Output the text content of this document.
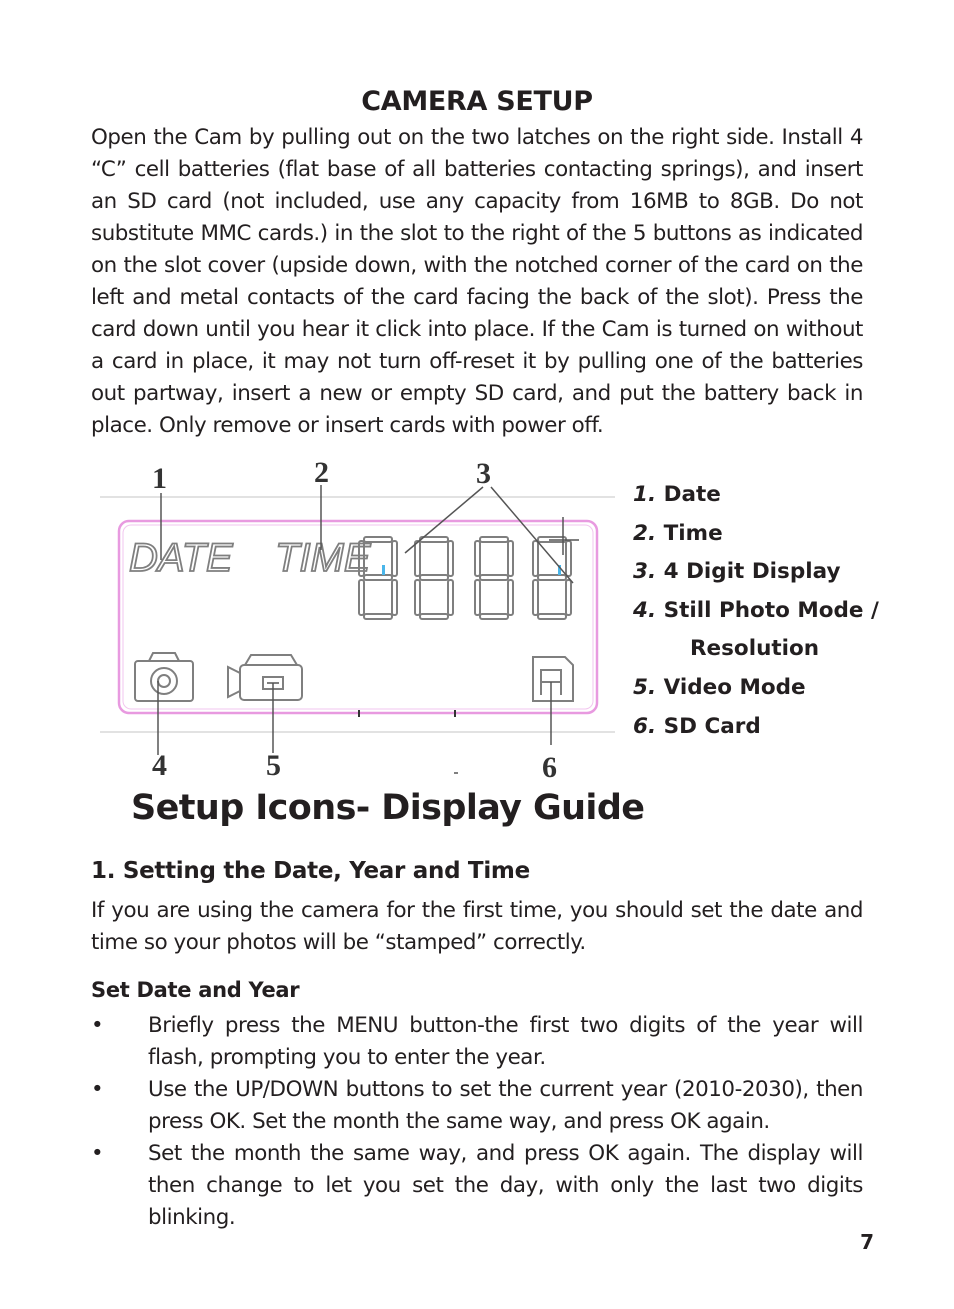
CAMERA SETUP
Open the Cam by pulling out on the two latches on the right side. Install 4 “C” cell batteries (flat base of all batteries contacting springs), and insert an SD card (not included, use any capacity from 16MB to 8GB. Do not substitute MMC cards.) in the slot to the right of the 5 buttons as indicated on the slot cover (upside down, with the notched corner of the card on the left and metal contacts of the card facing the back of the slot). Press the card down until you hear it click into place. If the Cam is turned on without a card in place, it may not turn off-reset it by pulling one of the batteries out partway, insert a new or empty SD card, and put the battery back in place. Only remove or insert cards with power off.
DATE TIME
1	2	3
4	5	6
1. Date
2. Time
3. 4 Digit Display
4. Still Photo Mode /
Resolution
5. Video Mode
6. SD Card
Setup Icons- Display Guide
1. Setting the Date, Year and Time
If you are using the camera for the first time, you should set the date and time so your photos will be “stamped” correctly.
Set Date and Year
• Briefly press the MENU button-the first two digits of the year will flash, prompting you to enter the year.
• Use the UP/DOWN buttons to set the current year (2010-2030), then press OK. Set the month the same way, and press OK again.
• Set the month the same way, and press OK again. The display will then change to let you set the day, with only the last two digits blinking.
7
